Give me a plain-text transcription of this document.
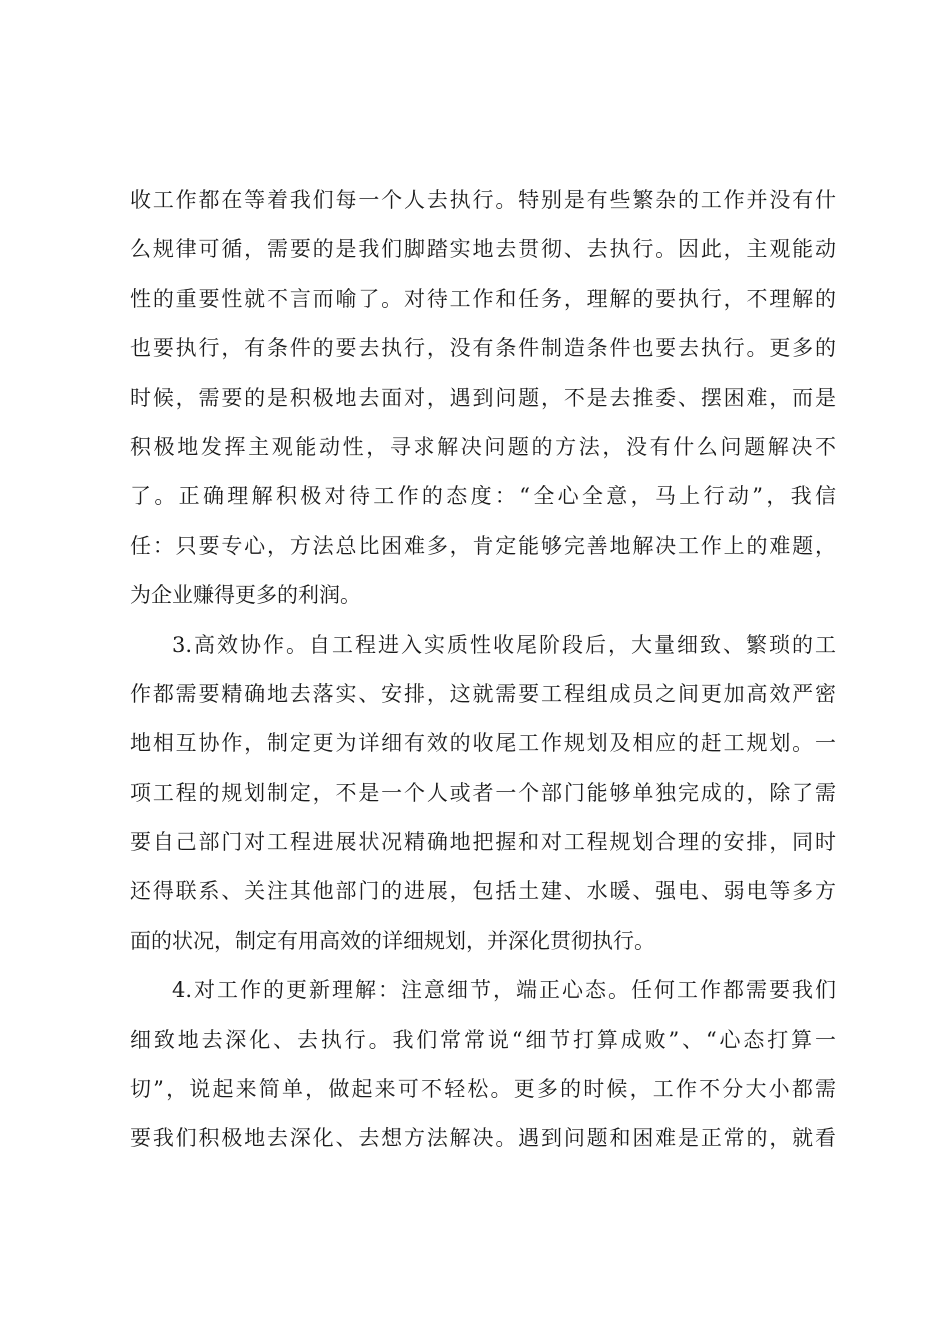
收工作都在等着我们每一个人去执行。特别是有些繁杂的工作并没有什
么规律可循，需要的是我们脚踏实地去贯彻、去执行。因此，主观能动
性的重要性就不言而喻了。对待工作和任务，理解的要执行，不理解的
也要执行，有条件的要去执行，没有条件制造条件也要去执行。更多的
时候，需要的是积极地去面对，遇到问题，不是去推委、摆困难，而是
积极地发挥主观能动性，寻求解决问题的方法，没有什么问题解决不
了。正确理解积极对待工作的态度：“全心全意，马上行动”，我信
任：只要专心，方法总比困难多，肯定能够完善地解决工作上的难题，
为企业赚得更多的利润。
3.高效协作。自工程进入实质性收尾阶段后，大量细致、繁琐的工
作都需要精确地去落实、安排，这就需要工程组成员之间更加高效严密
地相互协作，制定更为详细有效的收尾工作规划及相应的赶工规划。一
项工程的规划制定，不是一个人或者一个部门能够单独完成的，除了需
要自己部门对工程进展状况精确地把握和对工程规划合理的安排，同时
还得联系、关注其他部门的进展，包括土建、水暖、强电、弱电等多方
面的状况，制定有用高效的详细规划，并深化贯彻执行。
4.对工作的更新理解：注意细节，端正心态。任何工作都需要我们
细致地去深化、去执行。我们常常说“细节打算成败”、“心态打算一
切”，说起来简单，做起来可不轻松。更多的时候，工作不分大小都需
要我们积极地去深化、去想方法解决。遇到问题和困难是正常的，就看
